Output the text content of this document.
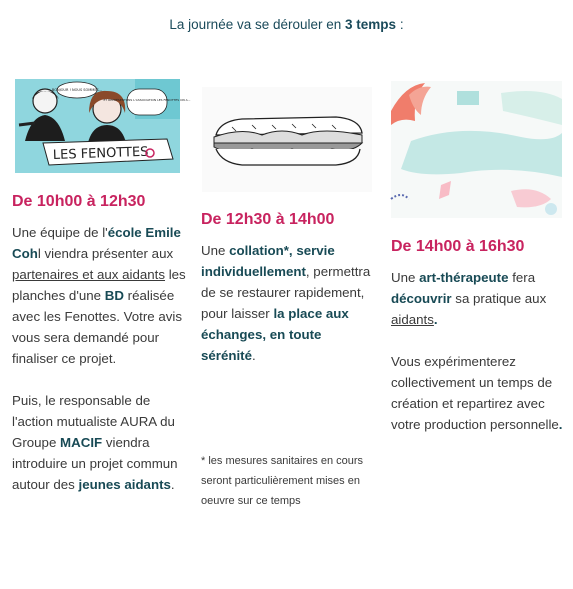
La journée va se dérouler en 3 temps :
BONJOUR ! NOUS SOMMES...
ET REPRÉSENTONS L'ASSOCIATION LES FENOTTES ON A...
LES FENOTTES
De 10h00 à 12h30

Une équipe de l'école Emile Cohl viendra présenter aux partenaires et aux aidants les planches d'une BD réalisée avec les Fenottes. Votre avis vous sera demandé pour finaliser ce projet.

Puis, le responsable de l'action mutualiste AURA du Groupe MACIF viendra introduire un projet commun autour des jeunes aidants.

De 12h30 à 14h00

Une collation*, servie individuellement, permettra de se restaurer rapidement, pour laisser la place aux échanges, en toute sérénité.

* les mesures sanitaires en cours seront particulièrement mises en oeuvre sur ce temps
De 14h00 à 16h30

Une art-thérapeute fera découvrir sa pratique aux aidants.

Vous expérimenterez collectivement un temps de création et repartirez avec votre production personnelle.
